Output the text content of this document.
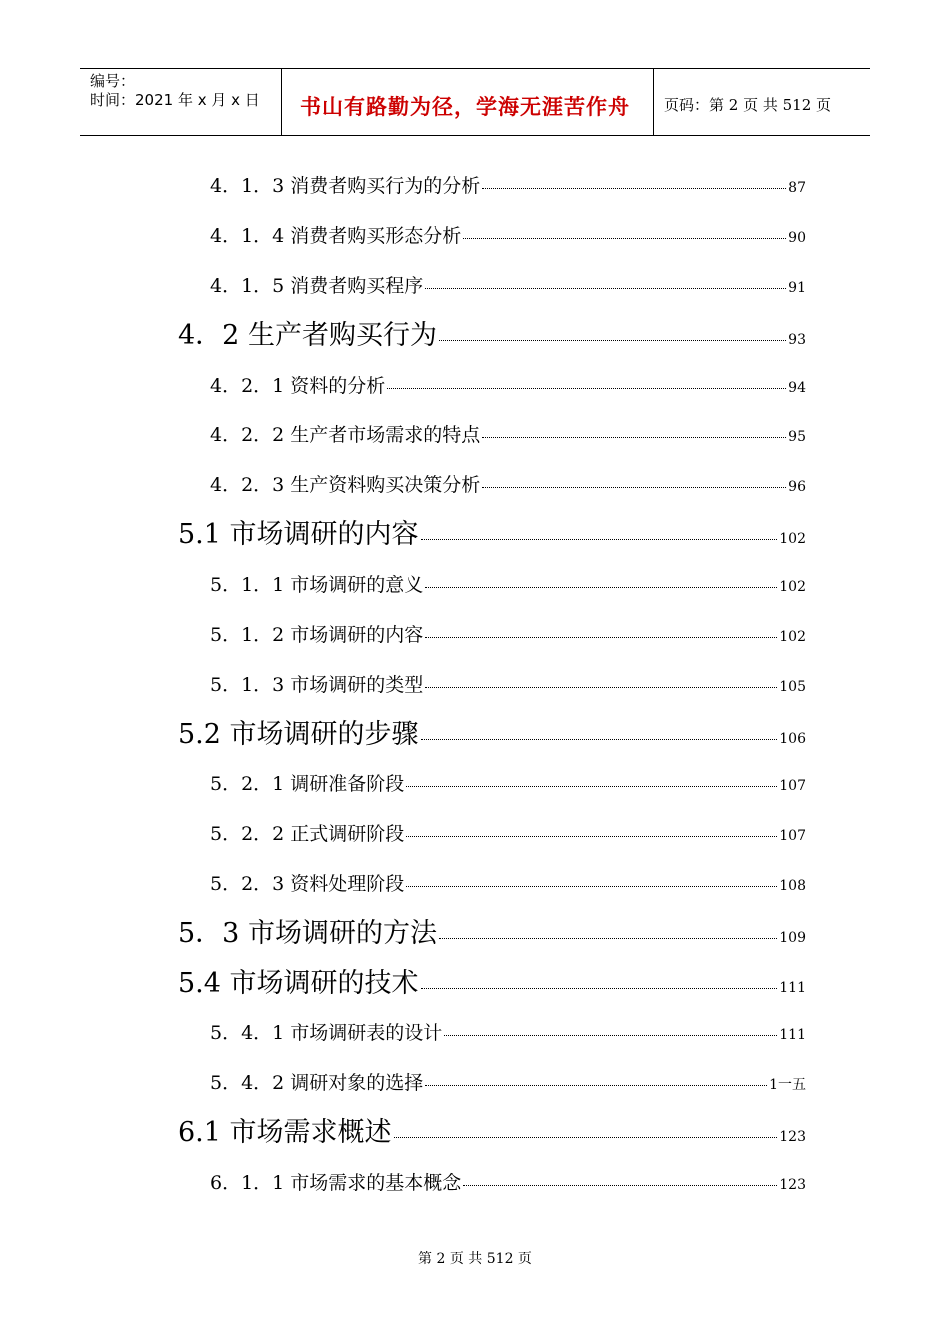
编号：
时间：2021 年 x 月 x 日 书山有路勤为径，学海无涯苦作舟 页码：第 2 页 共 512 页
4．1．3 消费者购买行为的分析	87
4．1．4 消费者购买形态分析	90
4．1．5 消费者购买程序	91
4．2 生产者购买行为	93
4．2．1 资料的分析	94
4．2．2 生产者市场需求的特点	95
4．2．3 生产资料购买决策分析	96
5.1 市场调研的内容	102
5．1．1 市场调研的意义	102
5．1．2 市场调研的内容	102
5．1．3 市场调研的类型	105
5.2 市场调研的步骤	106
5．2．1 调研准备阶段	107
5．2．2 正式调研阶段	107
5．2．3 资料处理阶段	108
5．3 市场调研的方法	109
5.4 市场调研的技术	111
5．4．1 市场调研表的设计	111
5．4．2 调研对象的选择	1一五
6.1 市场需求概述	123
6．1．1 市场需求的基本概念	123
第 2 页 共 512 页
